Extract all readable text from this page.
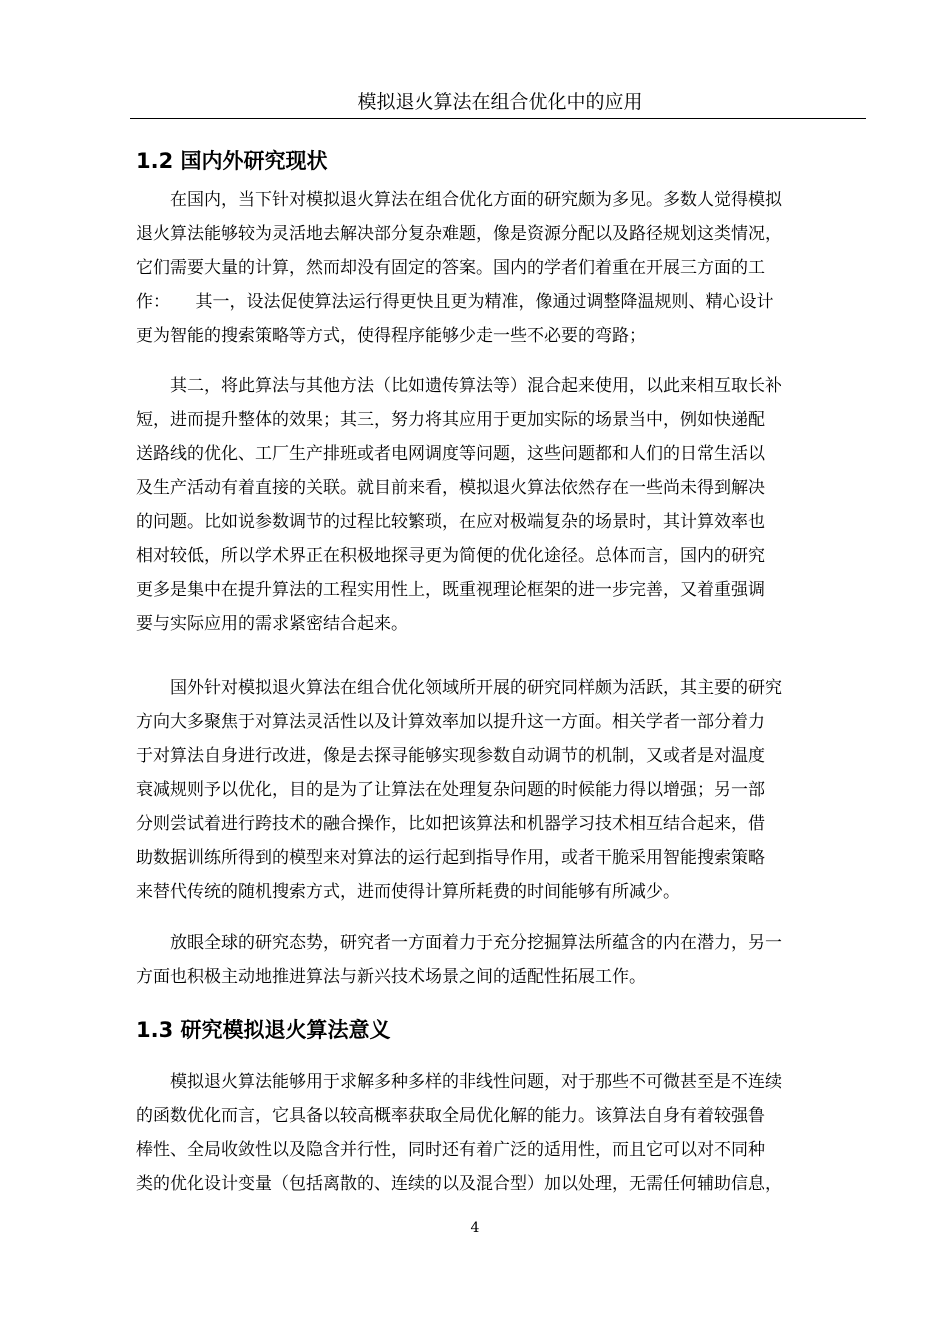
模拟退火算法在组合优化中的应用
1.2 国内外研究现状
在国内，当下针对模拟退火算法在组合优化方面的研究颇为多见。多数人觉得模拟
退火算法能够较为灵活地去解决部分复杂难题，像是资源分配以及路径规划这类情况，
它们需要大量的计算，然而却没有固定的答案。国内的学者们着重在开展三方面的工
作：　　其一，设法促使算法运行得更快且更为精准，像通过调整降温规则、精心设计
更为智能的搜索策略等方式，使得程序能够少走一些不必要的弯路；
其二，将此算法与其他方法（比如遗传算法等）混合起来使用，以此来相互取长补
短，进而提升整体的效果；其三，努力将其应用于更加实际的场景当中，例如快递配
送路线的优化、工厂生产排班或者电网调度等问题，这些问题都和人们的日常生活以
及生产活动有着直接的关联。就目前来看，模拟退火算法依然存在一些尚未得到解决
的问题。比如说参数调节的过程比较繁琐，在应对极端复杂的场景时，其计算效率也
相对较低，所以学术界正在积极地探寻更为简便的优化途径。总体而言，国内的研究
更多是集中在提升算法的工程实用性上，既重视理论框架的进一步完善，又着重强调
要与实际应用的需求紧密结合起来。
国外针对模拟退火算法在组合优化领域所开展的研究同样颇为活跃，其主要的研究
方向大多聚焦于对算法灵活性以及计算效率加以提升这一方面。相关学者一部分着力
于对算法自身进行改进，像是去探寻能够实现参数自动调节的机制，又或者是对温度
衰减规则予以优化，目的是为了让算法在处理复杂问题的时候能力得以增强；另一部
分则尝试着进行跨技术的融合操作，比如把该算法和机器学习技术相互结合起来，借
助数据训练所得到的模型来对算法的运行起到指导作用，或者干脆采用智能搜索策略
来替代传统的随机搜索方式，进而使得计算所耗费的时间能够有所减少。
放眼全球的研究态势，研究者一方面着力于充分挖掘算法所蕴含的内在潜力，另一
方面也积极主动地推进算法与新兴技术场景之间的适配性拓展工作。
1.3 研究模拟退火算法意义
模拟退火算法能够用于求解多种多样的非线性问题，对于那些不可微甚至是不连续
的函数优化而言，它具备以较高概率获取全局优化解的能力。该算法自身有着较强鲁
棒性、全局收敛性以及隐含并行性，同时还有着广泛的适用性，而且它可以对不同种
类的优化设计变量（包括离散的、连续的以及混合型）加以处理，无需任何辅助信息，
4
